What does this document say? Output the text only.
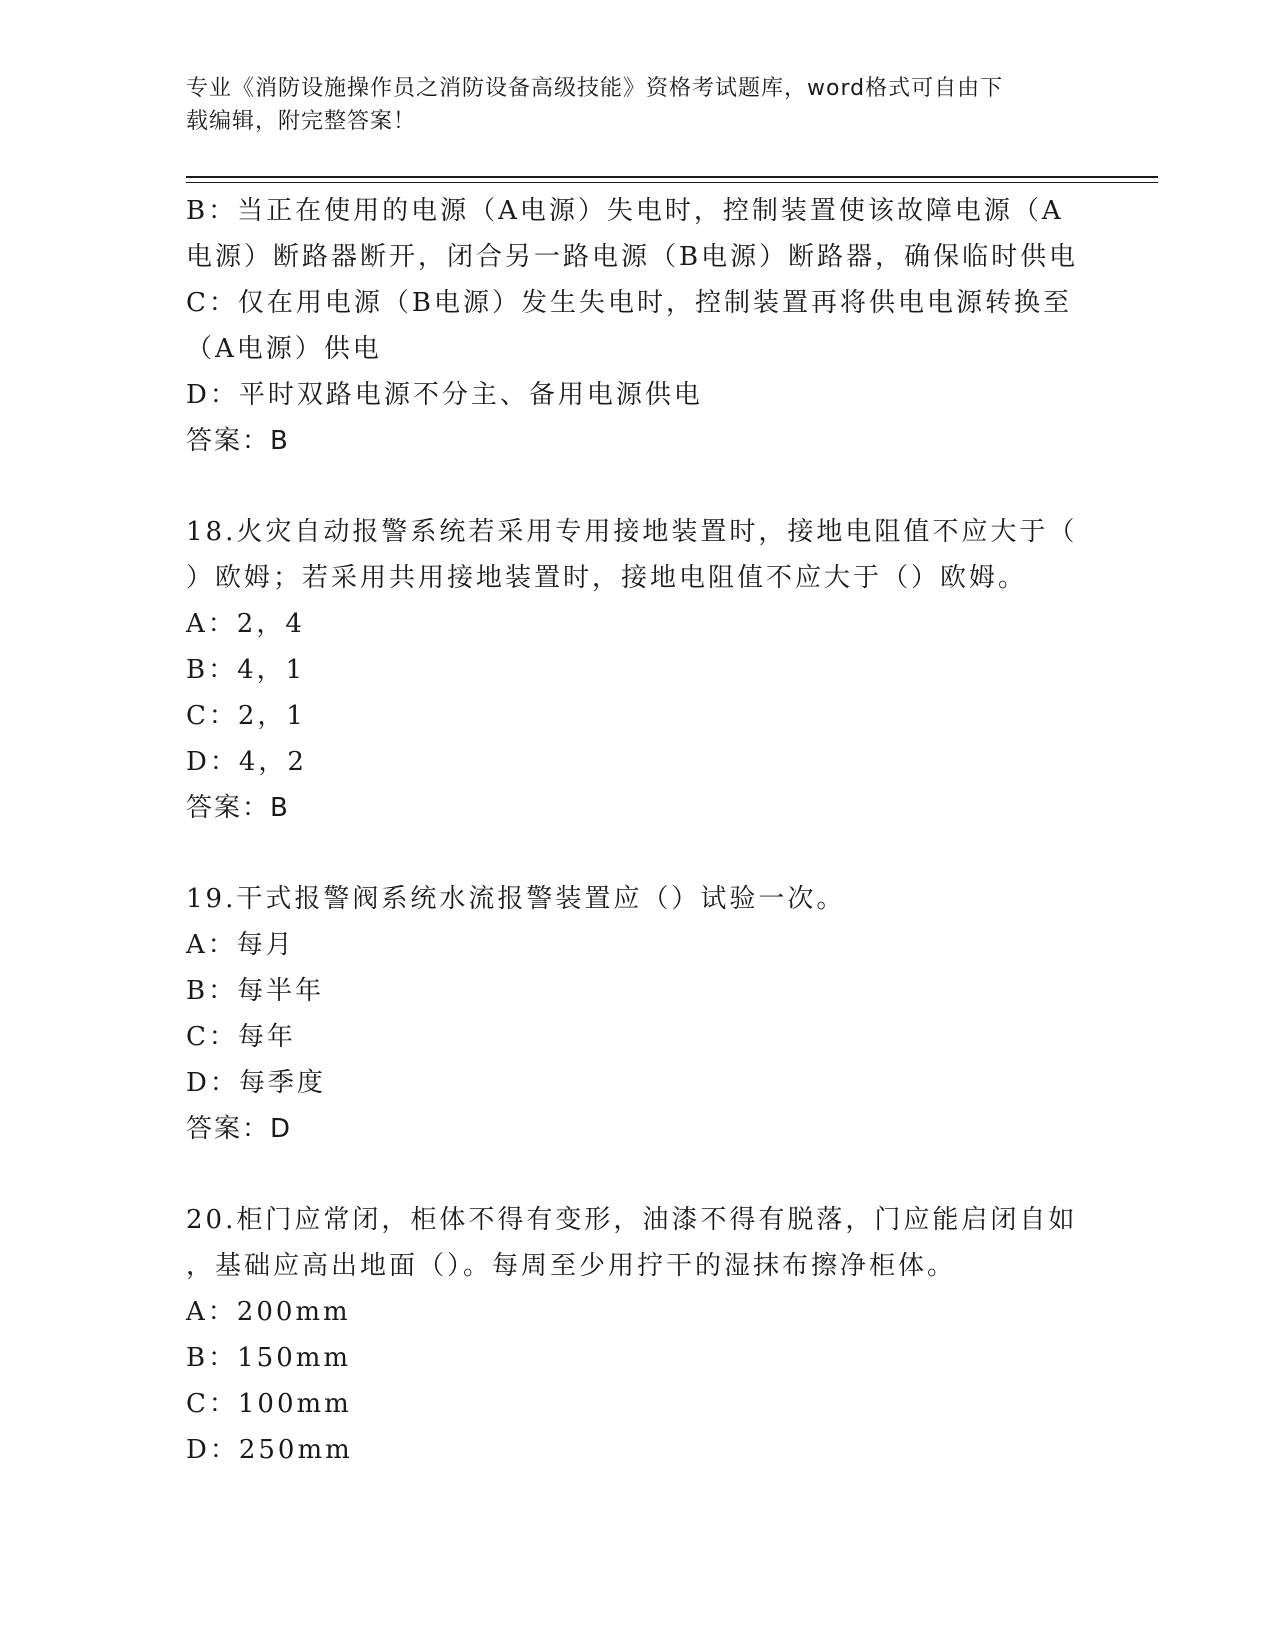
专业《消防设施操作员之消防设备高级技能》资格考试题库，word格式可自由下
载编辑，附完整答案！
B：当正在使用的电源（A电源）失电时，控制装置使该故障电源（A
电源）断路器断开，闭合另一路电源（B电源）断路器，确保临时供电
C：仅在用电源（B电源）发生失电时，控制装置再将供电电源转换至
（A电源）供电
D：平时双路电源不分主、备用电源供电
答案：B
18.火灾自动报警系统若采用专用接地装置时，接地电阻值不应大于（
）欧姆；若采用共用接地装置时，接地电阻值不应大于（）欧姆。
A：2，4
B：4，1
C：2，1
D：4，2
答案：B
19.干式报警阀系统水流报警装置应（）试验一次。
A：每月
B：每半年
C：每年
D：每季度
答案：D
20.柜门应常闭，柜体不得有变形，油漆不得有脱落，门应能启闭自如
，基础应高出地面（）。每周至少用拧干的湿抹布擦净柜体。
A：200mm
B：150mm
C：100mm
D：250mm
